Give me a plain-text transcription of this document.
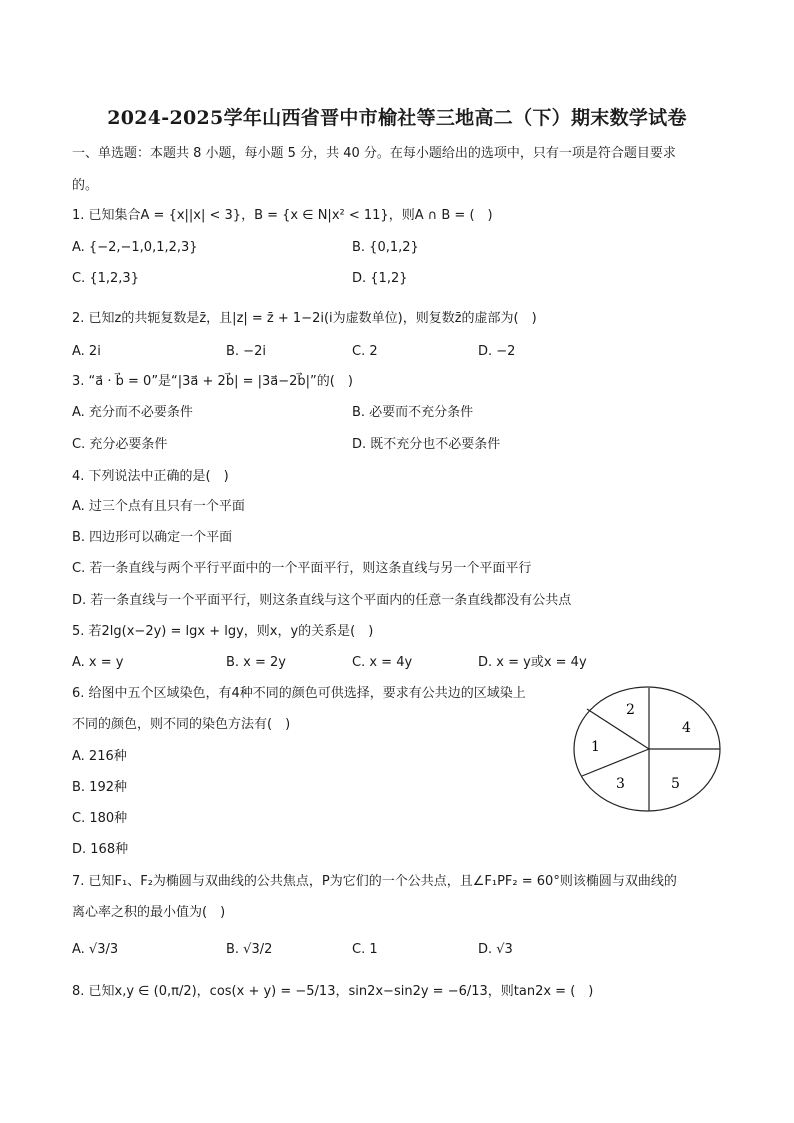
2024-2025学年山西省晋中市榆社等三地高二（下）期末数学试卷
一、单选题：本题共 8 小题，每小题 5 分，共 40 分。在每小题给出的选项中，只有一项是符合题目要求
的。
1. 已知集合A = {x||x| < 3}，B = {x ∈ N|x² < 11}，则A ∩ B = (　)
A. {−2,−1,0,1,2,3}	B. {0,1,2}
C. {1,2,3}	D. {1,2}
2. 已知z的共轭复数是z̄，且|z| = z̄ + 1−2i(i为虚数单位)，则复数z̄的虚部为(　)
A. 2i	B. −2i	C. 2	D. −2
3. “a⃗ · b⃗ = 0”是“|3a⃗ + 2b⃗| = |3a⃗−2b⃗|”的(　)
A. 充分而不必要条件	B. 必要而不充分条件
C. 充分必要条件	D. 既不充分也不必要条件
4. 下列说法中正确的是(　)
A. 过三个点有且只有一个平面
B. 四边形可以确定一个平面
C. 若一条直线与两个平行平面中的一个平面平行，则这条直线与另一个平面平行
D. 若一条直线与一个平面平行，则这条直线与这个平面内的任意一条直线都没有公共点
5. 若2lg(x−2y) = lgx + lgy，则x，y的关系是(　)
A. x = y	B. x = 2y	C. x = 4y	D. x = y或x = 4y
6. 给图中五个区域染色，有4种不同的颜色可供选择，要求有公共边的区域染上
不同的颜色，则不同的染色方法有(　)
A. 216种
B. 192种
C. 180种
D. 168种
1
2
3
4
5
7. 已知F₁、F₂为椭圆与双曲线的公共焦点，P为它们的一个公共点，且∠F₁PF₂ = 60°则该椭圆与双曲线的
离心率之积的最小值为(　)
A. √3/3	B. √3/2	C. 1	D. √3
8. 已知x,y ∈ (0,π/2)，cos(x + y) = −5/13，sin2x−sin2y = −6/13，则tan2x = (　)
